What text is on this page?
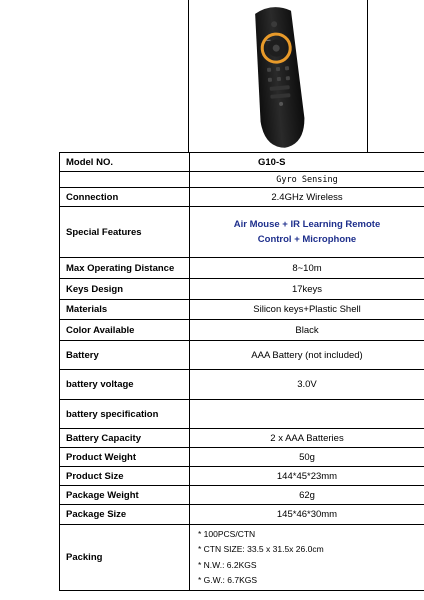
Model NO.	G10-S
	Gyro Sensing
Connection	2.4GHz Wireless
Special Features	Air Mouse + IR Learning Remote
Control + Microphone

Max Operating Distance	8~10m
Keys Design	17keys
Materials	Silicon keys+Plastic Shell
Color Available	Black
Battery	AAA Battery (not included)
battery voltage	3.0V
battery specification	
Battery Capacity	2 x AAA Batteries
Product Weight	50g
Product Size	144*45*23mm
Package Weight	62g
Package Size	145*46*30mm
Packing	* 100PCS/CTN
* CTN SIZE: 33.5 x 31.5x 26.0cm
* N.W.: 6.2KGS
* G.W.: 6.7KGS
